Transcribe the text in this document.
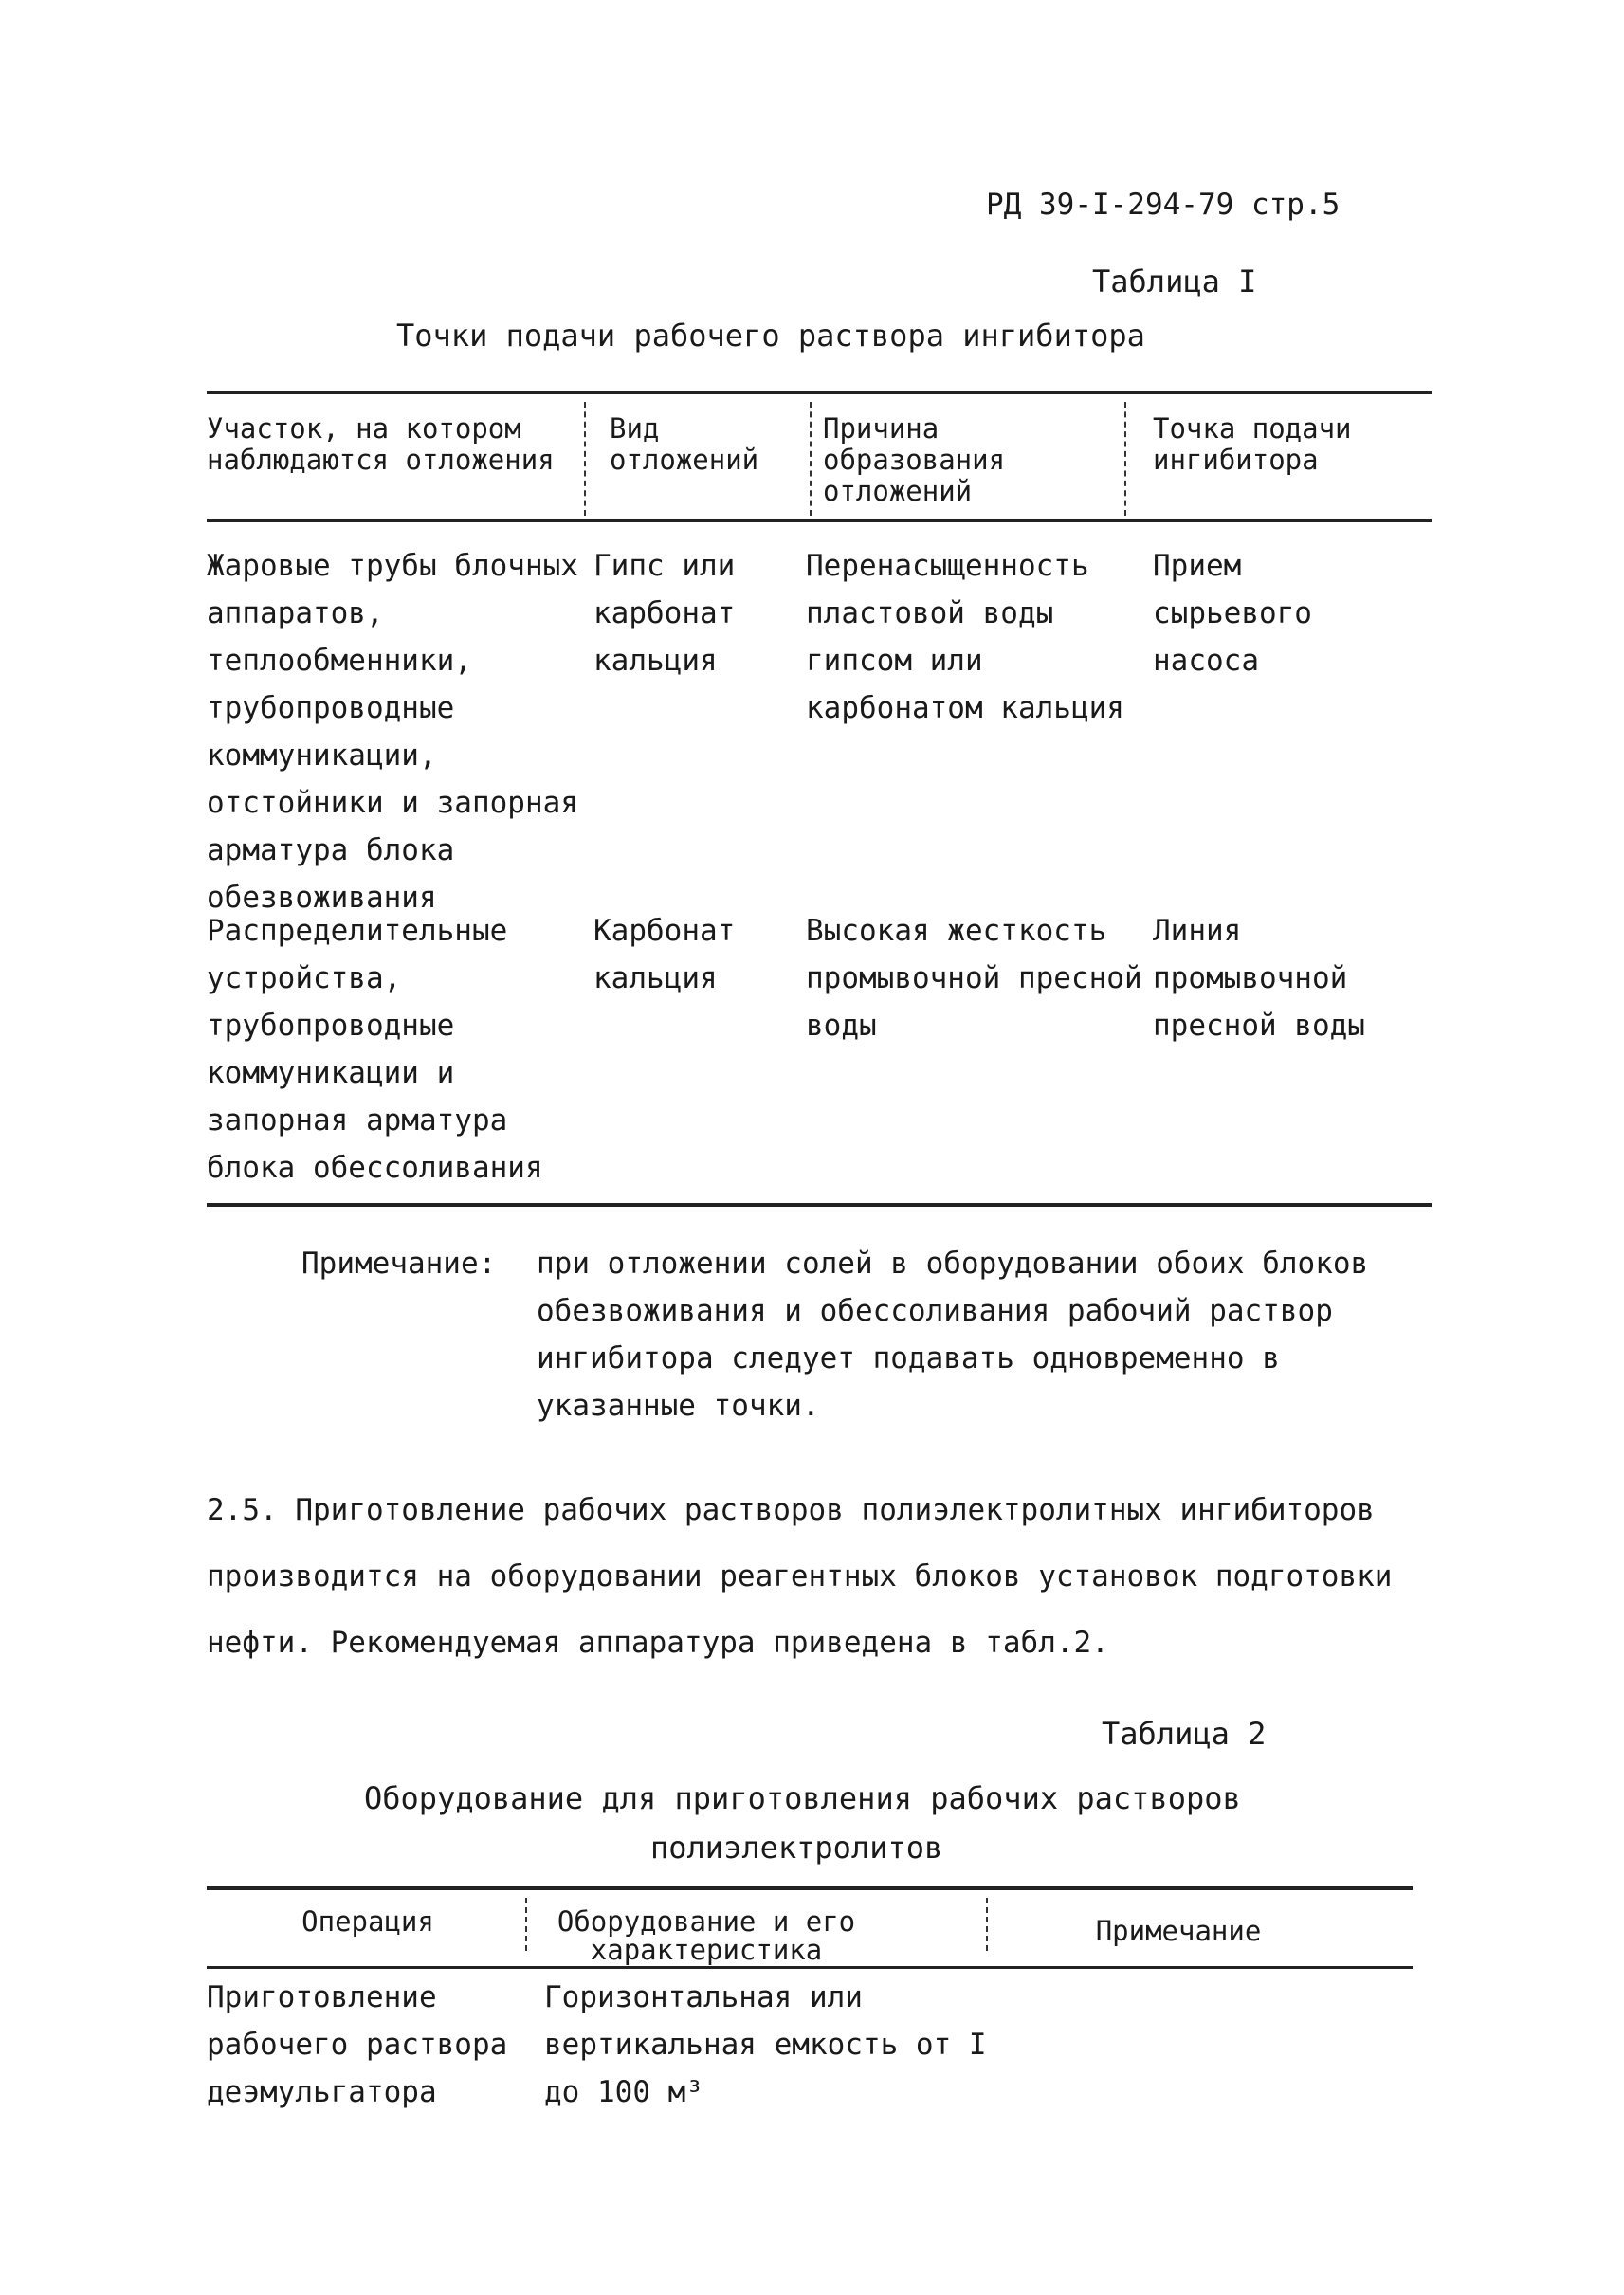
РД 39-I-294-79 стр.5
Таблица I
Точки подачи рабочего раствора ингибитора
Участок, на котором наблюдаются отложения
Вид отложений
Причина образования отложений
Точка подачи ингибитора
Жаровые трубы блочных аппаратов, теплообменники, трубопроводные коммуникации, отстойники и запорная арматура блока обезвоживания
Гипс или карбонат кальция
Перенасыщенность пластовой воды гипсом или карбонатом кальция
Прием сырьевого насоса
Распределительные устройства, трубопроводные коммуникации и запорная арматура блока обессоливания
Карбонат кальция
Высокая жесткость промывочной пресной воды
Линия промывочной пресной воды
Примечание: при отложении солей в оборудовании обоих блоков обезвоживания и обессоливания рабочий раствор ингибитора следует подавать одновременно в указанные точки.
2.5. Приготовление рабочих растворов полиэлектролитных ингибиторов производится на оборудовании реагентных блоков установок подготовки нефти. Рекомендуемая аппаратура приведена в табл.2.
Таблица 2
Оборудование для приготовления рабочих растворов
полиэлектролитов
Операция	Оборудование и его характеристика
Примечание
Приготовление рабочего раствора деэмульгатора
Горизонтальная или вертикальная емкость от I до 100 м³
